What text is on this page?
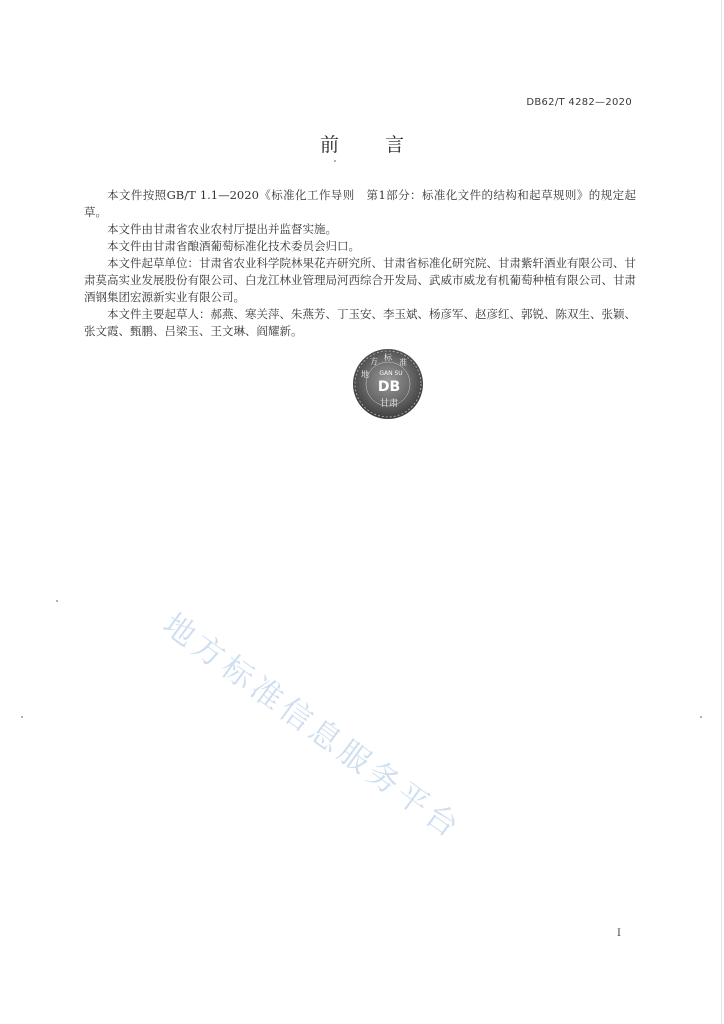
DB62/T 4282—2020
前 言

本文件按照GB/T 1.1—2020《标准化工作导则　第1部分：标准化文件的结构和起草规则》的规定起草。

本文件由甘肃省农业农村厅提出并监督实施。

本文件由甘肃省酿酒葡萄标准化技术委员会归口。

本文件起草单位：甘肃省农业科学院林果花卉研究所、甘肃省标准化研究院、甘肃紫轩酒业有限公司、甘肃莫高实业发展股份有限公司、白龙江林业管理局河西综合开发局、武威市威龙有机葡萄种植有限公司、甘肃酒钢集团宏源新实业有限公司。

本文件主要起草人：郝燕、寒关萍、朱燕芳、丁玉安、李玉斌、杨彦军、赵彦红、郭锐、陈双生、张颖、张文霞、甄鹏、吕梁玉、王文琳、阎耀新。

方 标
准
地 GAN SU
DB
甘肃
地方标准信息服务平台
I
